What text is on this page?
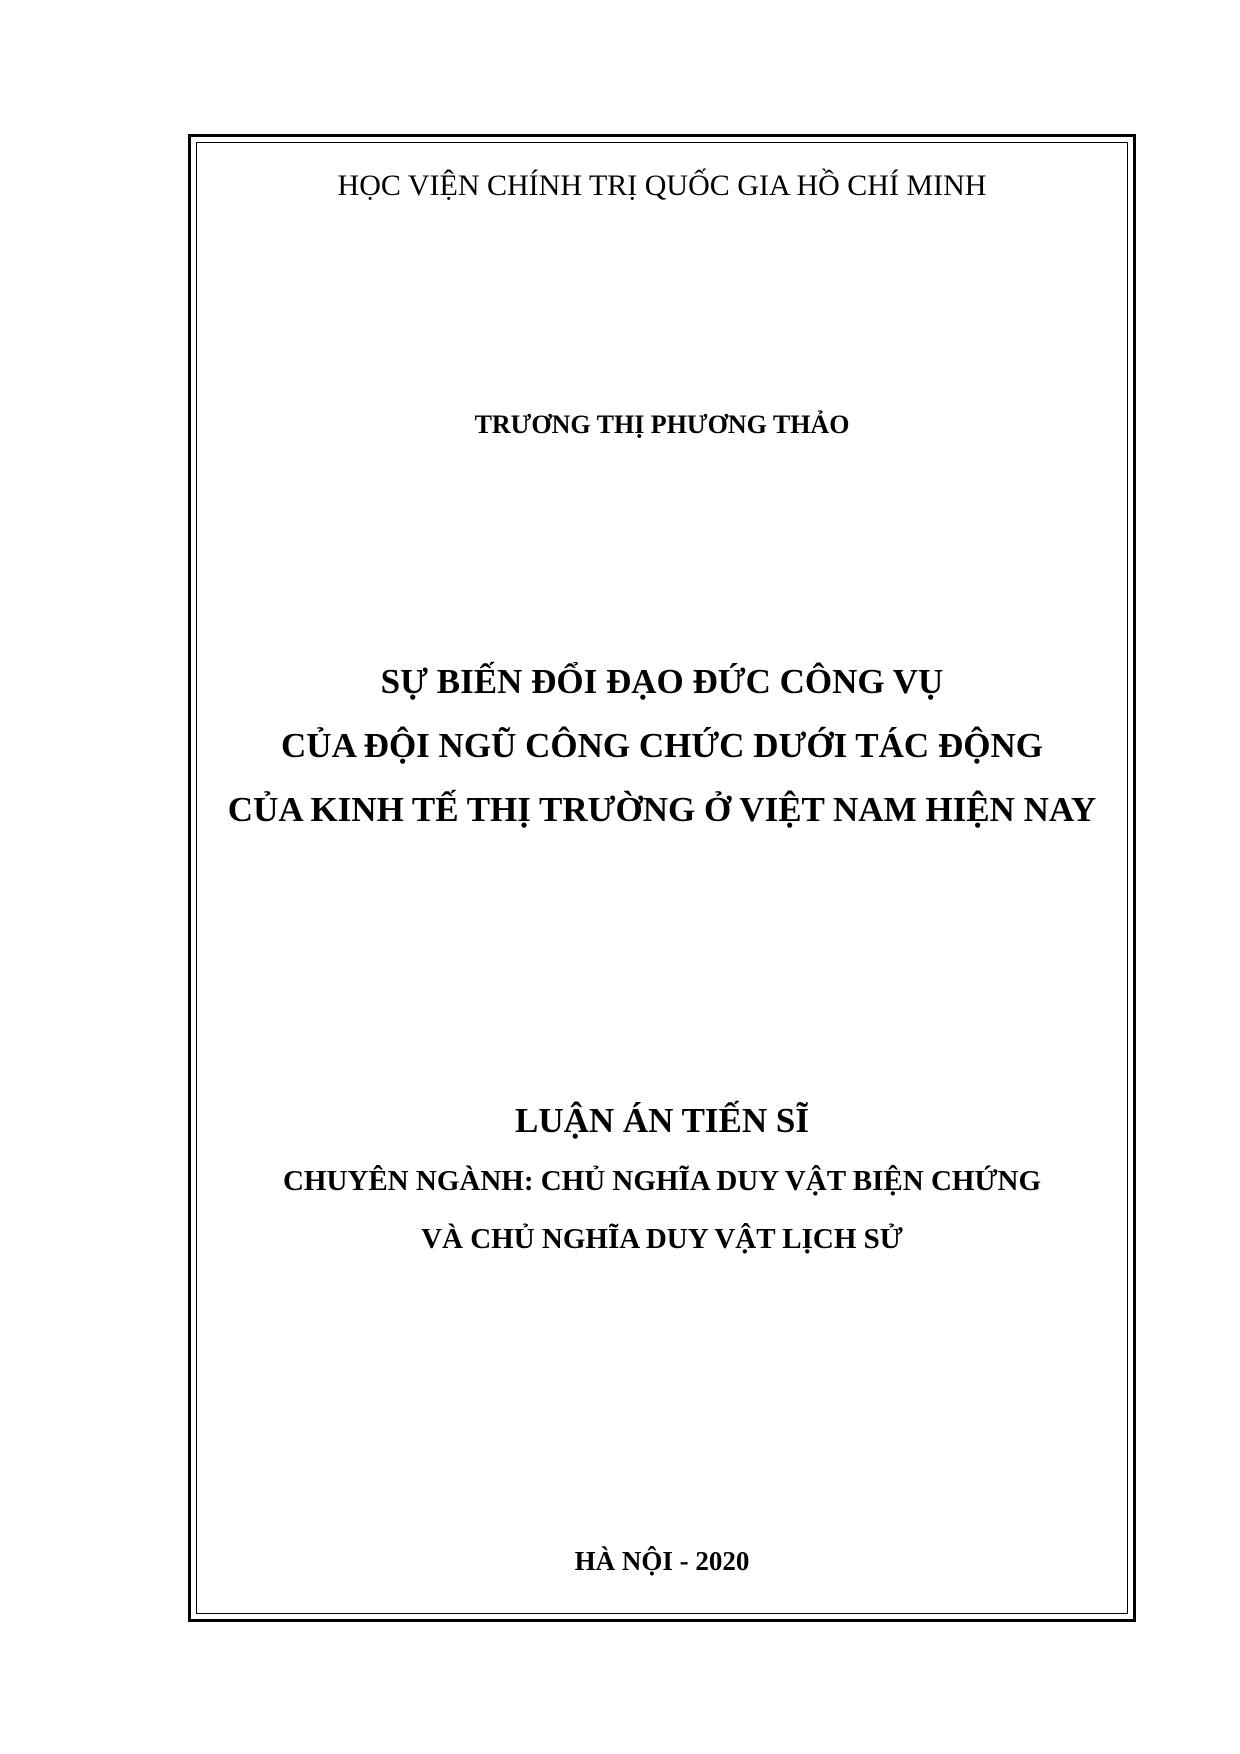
HỌC VIỆN CHÍNH TRỊ QUỐC GIA HỒ CHÍ MINH
TRƯƠNG THỊ PHƯƠNG THẢO
SỰ BIẾN ĐỔI ĐẠO ĐỨC CÔNG VỤ
CỦA ĐỘI NGŨ CÔNG CHỨC DƯỚI TÁC ĐỘNG
CỦA KINH TẾ THỊ TRƯỜNG Ở VIỆT NAM HIỆN NAY
LUẬN ÁN TIẾN SĨ
CHUYÊN NGÀNH: CHỦ NGHĨA DUY VẬT BIỆN CHỨNG
VÀ CHỦ NGHĨA DUY VẬT LỊCH SỬ
HÀ NỘI - 2020
